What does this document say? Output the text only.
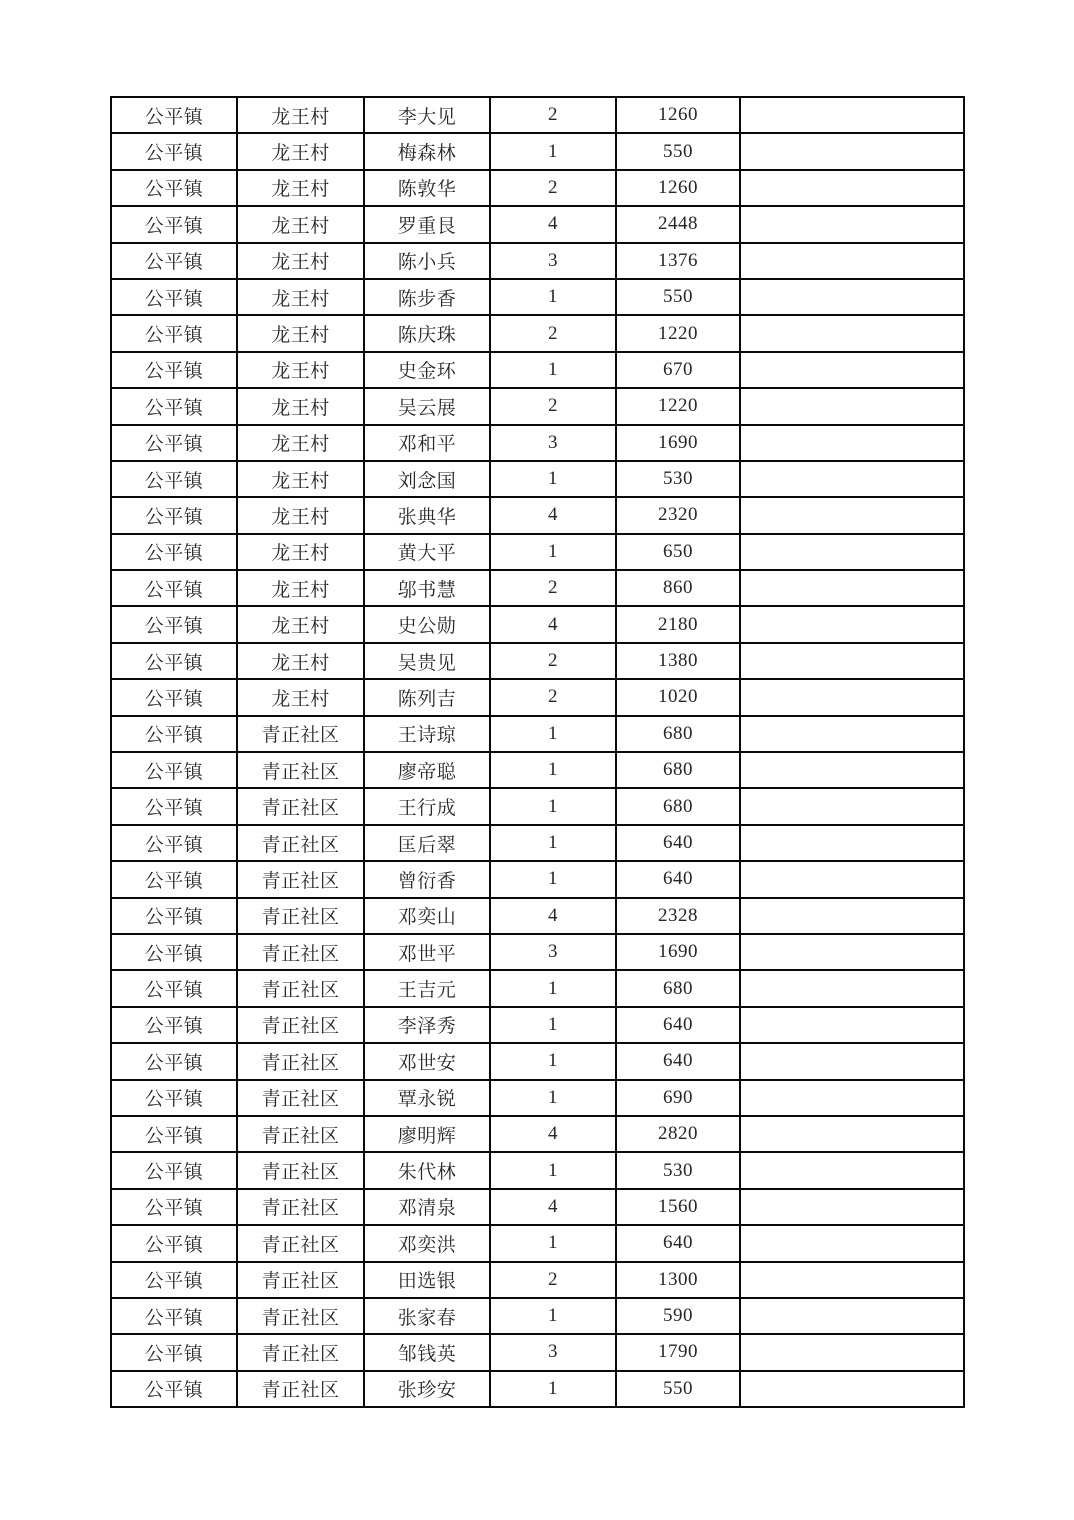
公平镇	龙王村	李大见	2	1260	
公平镇	龙王村	梅森林	1	550	
公平镇	龙王村	陈敦华	2	1260	
公平镇	龙王村	罗重艮	4	2448	
公平镇	龙王村	陈小兵	3	1376	
公平镇	龙王村	陈步香	1	550	
公平镇	龙王村	陈庆珠	2	1220	
公平镇	龙王村	史金环	1	670	
公平镇	龙王村	吴云展	2	1220	
公平镇	龙王村	邓和平	3	1690	
公平镇	龙王村	刘念国	1	530	
公平镇	龙王村	张典华	4	2320	
公平镇	龙王村	黄大平	1	650	
公平镇	龙王村	邬书慧	2	860	
公平镇	龙王村	史公勋	4	2180	
公平镇	龙王村	吴贵见	2	1380	
公平镇	龙王村	陈列吉	2	1020	
公平镇	青正社区	王诗琼	1	680	
公平镇	青正社区	廖帝聪	1	680	
公平镇	青正社区	王行成	1	680	
公平镇	青正社区	匡后翠	1	640	
公平镇	青正社区	曾衍香	1	640	
公平镇	青正社区	邓奕山	4	2328	
公平镇	青正社区	邓世平	3	1690	
公平镇	青正社区	王吉元	1	680	
公平镇	青正社区	李泽秀	1	640	
公平镇	青正社区	邓世安	1	640	
公平镇	青正社区	覃永锐	1	690	
公平镇	青正社区	廖明辉	4	2820	
公平镇	青正社区	朱代林	1	530	
公平镇	青正社区	邓清泉	4	1560	
公平镇	青正社区	邓奕洪	1	640	
公平镇	青正社区	田选银	2	1300	
公平镇	青正社区	张家春	1	590	
公平镇	青正社区	邹钱英	3	1790	
公平镇	青正社区	张珍安	1	550	
